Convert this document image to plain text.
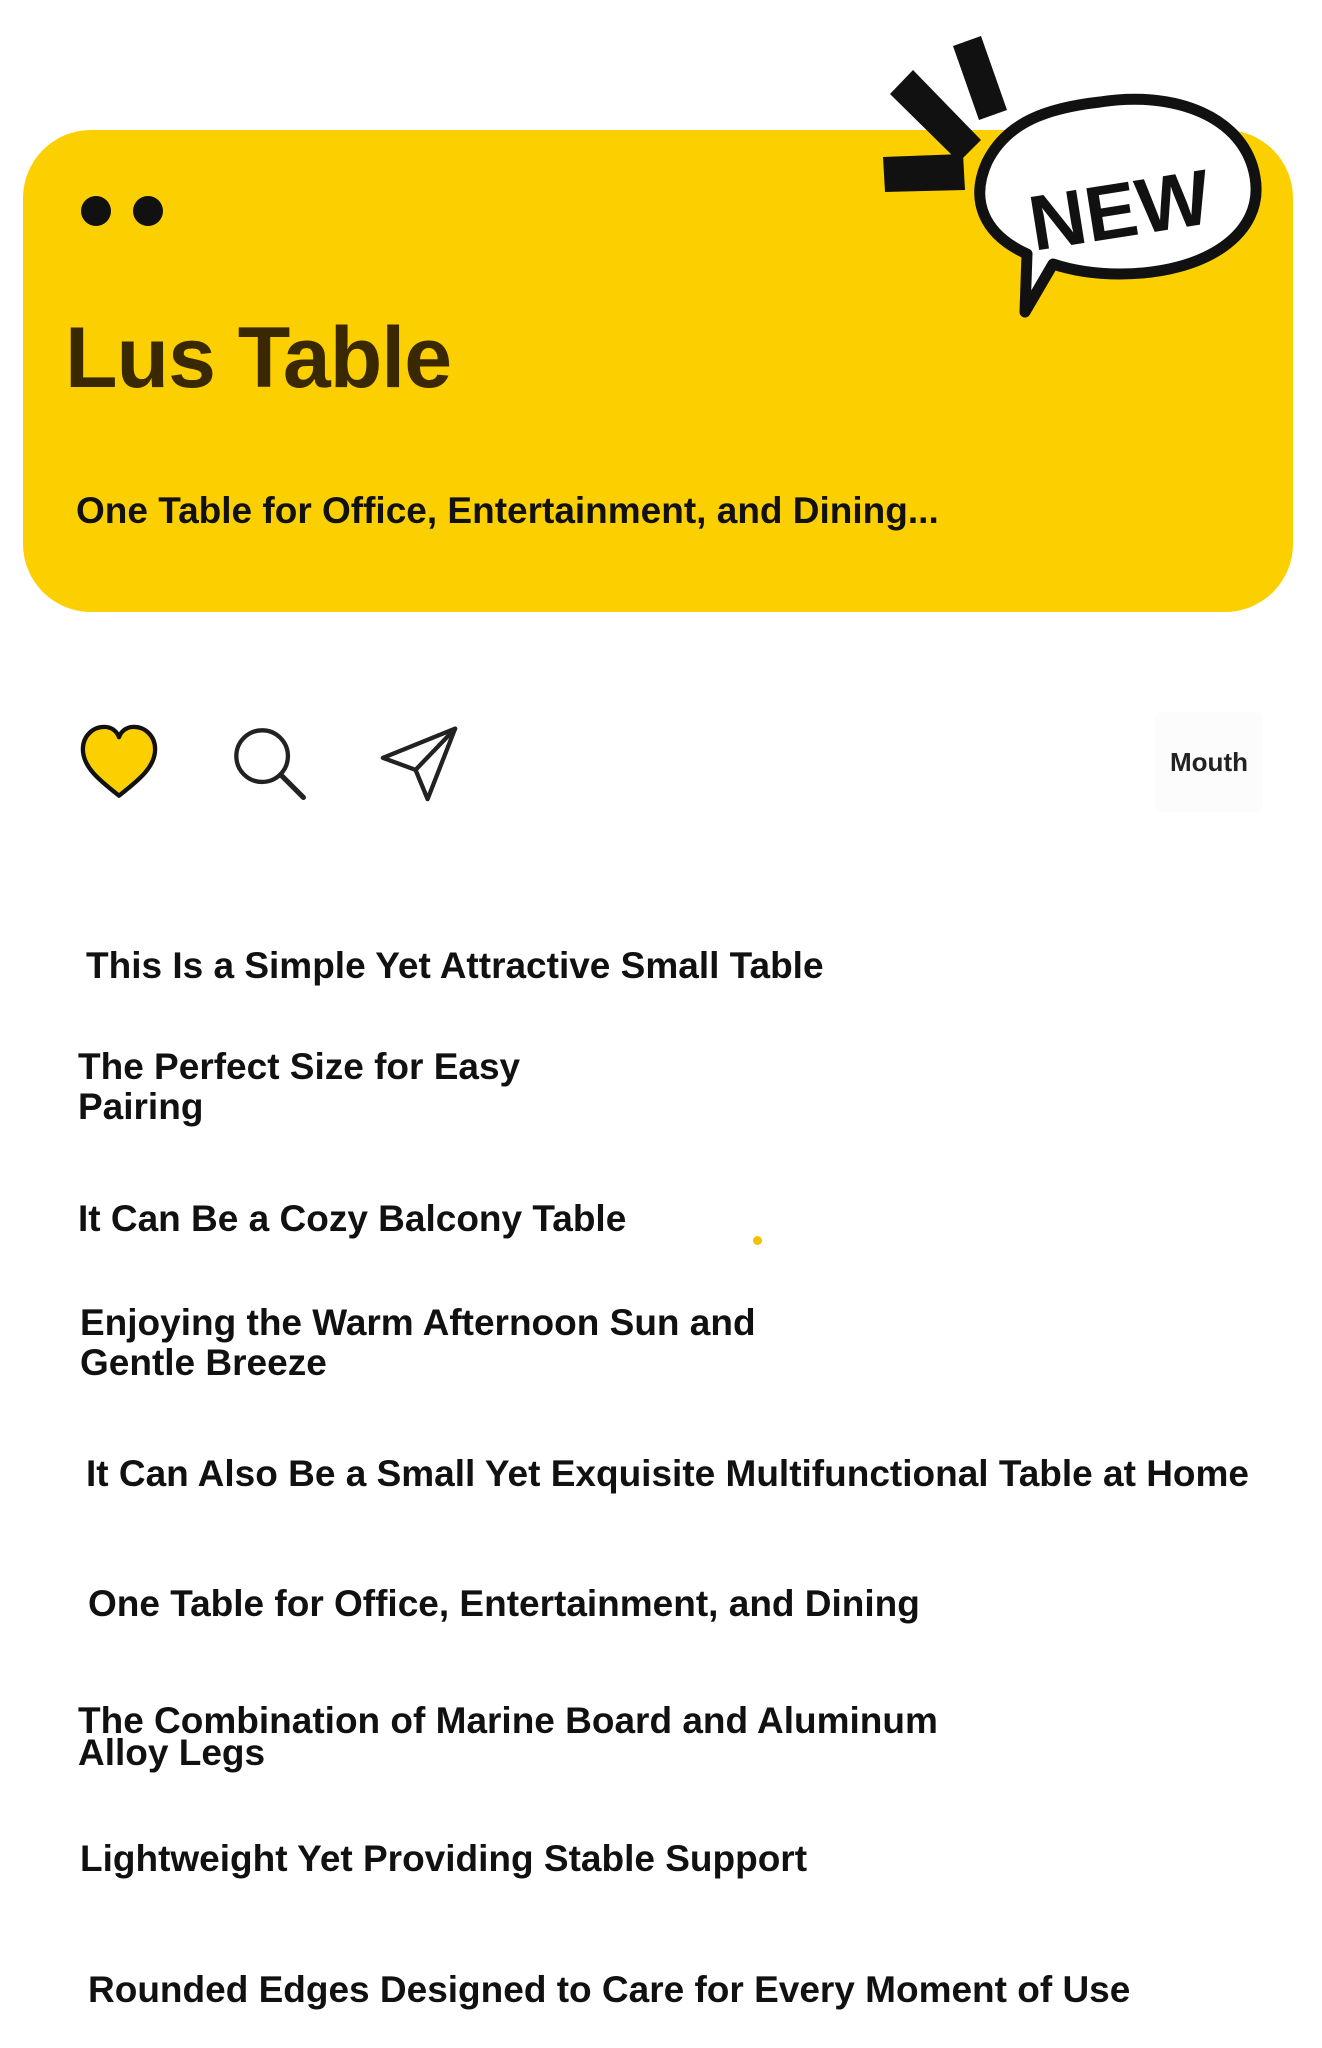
Lus Table

One Table for Office, Entertainment, and Dining...

NEW
Mouth

This Is a Simple Yet Attractive Small Table

The Perfect Size for Easy
Pairing

It Can Be a Cozy Balcony Table

Enjoying the Warm Afternoon Sun and
Gentle Breeze

It Can Also Be a Small Yet Exquisite Multifunctional Table at Home

One Table for Office, Entertainment, and Dining

The Combination of Marine Board and Aluminum
Alloy Legs

Lightweight Yet Providing Stable Support

Rounded Edges Designed to Care for Every Moment of Use
